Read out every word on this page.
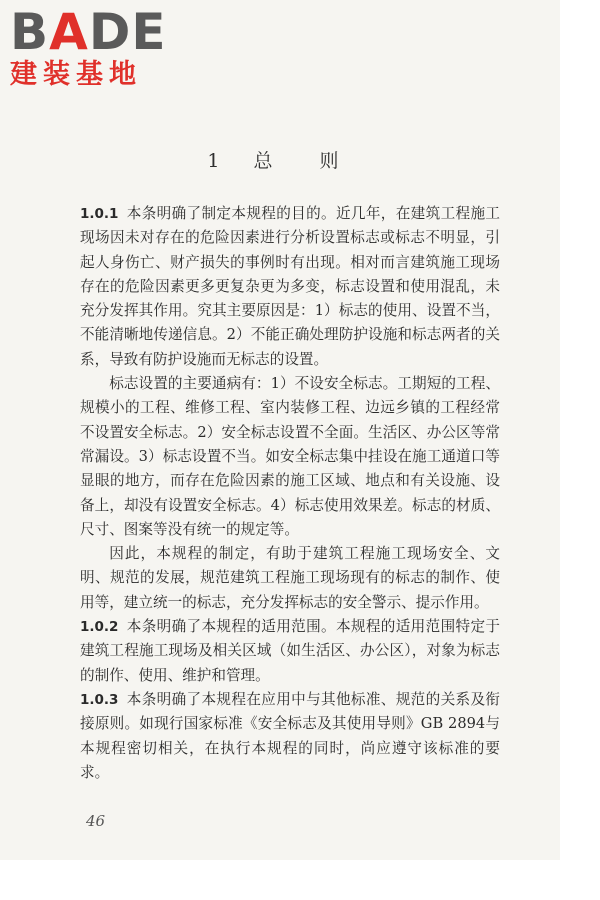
BADE
建装基地
1 总　则

1.0.1 本条明确了制定本规程的目的。近几年，在建筑工程施工现场因未对存在的危险因素进行分析设置标志或标志不明显，引起人身伤亡、财产损失的事例时有出现。相对而言建筑施工现场存在的危险因素更多更复杂更为多变，标志设置和使用混乱，未充分发挥其作用。究其主要原因是：1）标志的使用、设置不当，不能清晰地传递信息。2）不能正确处理防护设施和标志两者的关系，导致有防护设施而无标志的设置。

标志设置的主要通病有：1）不设安全标志。工期短的工程、规模小的工程、维修工程、室内装修工程、边远乡镇的工程经常不设置安全标志。2）安全标志设置不全面。生活区、办公区等常常漏设。3）标志设置不当。如安全标志集中挂设在施工通道口等显眼的地方，而存在危险因素的施工区域、地点和有关设施、设备上，却没有设置安全标志。4）标志使用效果差。标志的材质、尺寸、图案等没有统一的规定等。

因此，本规程的制定，有助于建筑工程施工现场安全、文明、规范的发展，规范建筑工程施工现场现有的标志的制作、使用等，建立统一的标志，充分发挥标志的安全警示、提示作用。

1.0.2 本条明确了本规程的适用范围。本规程的适用范围特定于建筑工程施工现场及相关区域（如生活区、办公区），对象为标志的制作、使用、维护和管理。

1.0.3 本条明确了本规程在应用中与其他标准、规范的关系及衔接原则。如现行国家标准《安全标志及其使用导则》GB 2894与本规程密切相关，在执行本规程的同时，尚应遵守该标准的要求。

46
